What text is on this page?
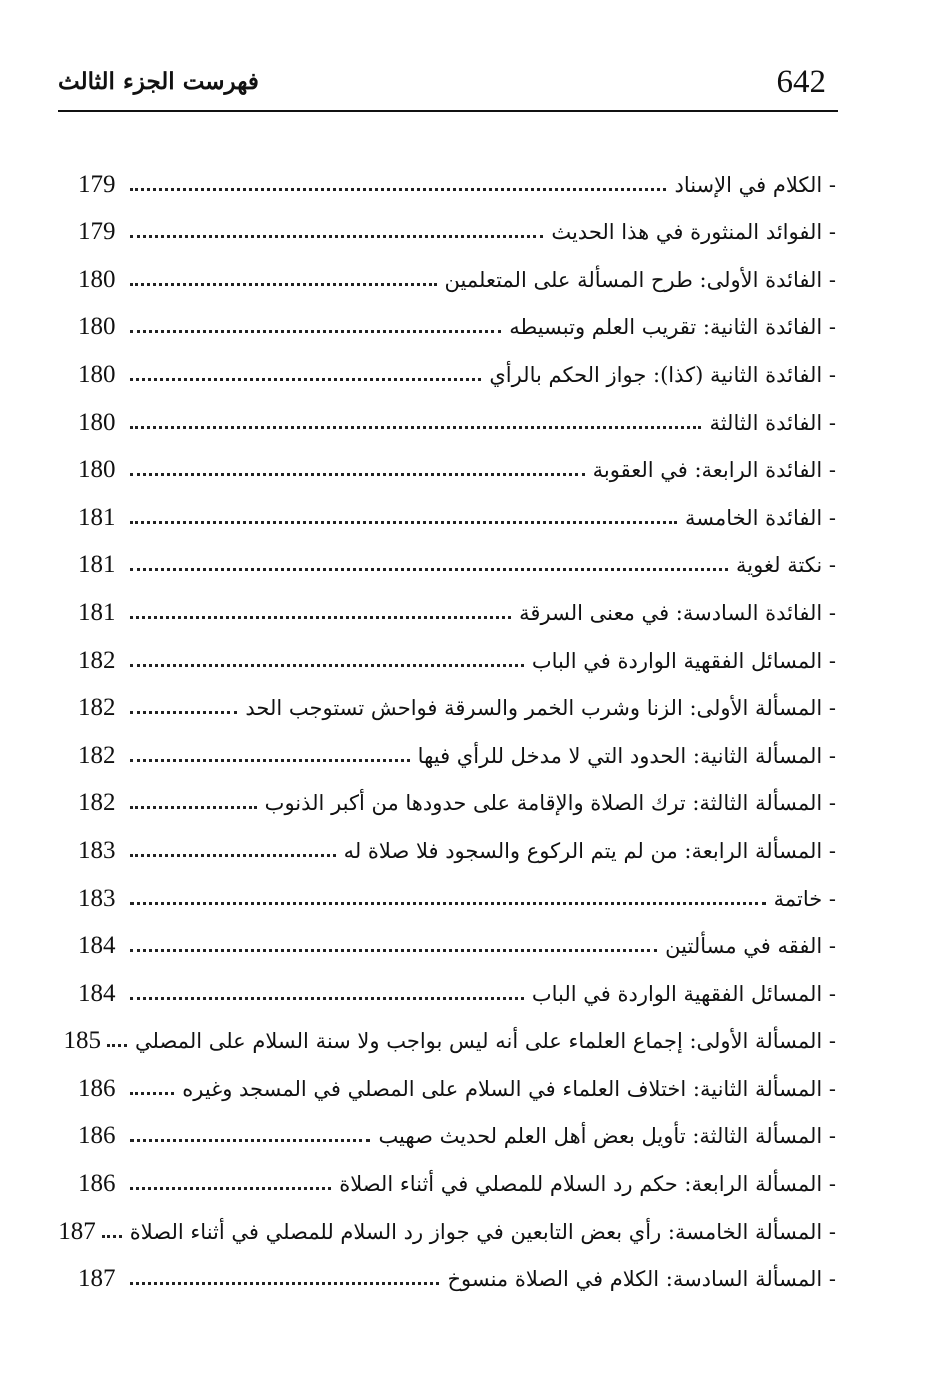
642
فهرست الجزء الثالث
- الكلام في الإسناد
179
- الفوائد المنثورة في هذا الحديث
179
- الفائدة الأولى: طرح المسألة على المتعلمين
180
- الفائدة الثانية: تقريب العلم وتبسيطه
180
- الفائدة الثانية (كذا): جواز الحكم بالرأي
180
- الفائدة الثالثة
180
- الفائدة الرابعة: في العقوبة
180
- الفائدة الخامسة
181
- نكتة لغوية
181
- الفائدة السادسة: في معنى السرقة
181
- المسائل الفقهية الواردة في الباب
182
- المسألة الأولى: الزنا وشرب الخمر والسرقة فواحش تستوجب الحد
182
- المسألة الثانية: الحدود التي لا مدخل للرأي فيها
182
- المسألة الثالثة: ترك الصلاة والإقامة على حدودها من أكبر الذنوب
182
- المسألة الرابعة: من لم يتم الركوع والسجود فلا صلاة له
183
- خاتمة
183
- الفقه في مسألتين
184
- المسائل الفقهية الواردة في الباب
184
- المسألة الأولى: إجماع العلماء على أنه ليس بواجب ولا سنة السلام على المصلي
185
- المسألة الثانية: اختلاف العلماء في السلام على المصلي في المسجد وغيره
186
- المسألة الثالثة: تأويل بعض أهل العلم لحديث صهيب
186
- المسألة الرابعة: حكم رد السلام للمصلي في أثناء الصلاة
186
- المسألة الخامسة: رأي بعض التابعين في جواز رد السلام للمصلي في أثناء الصلاة
187
- المسألة السادسة: الكلام في الصلاة منسوخ
187
